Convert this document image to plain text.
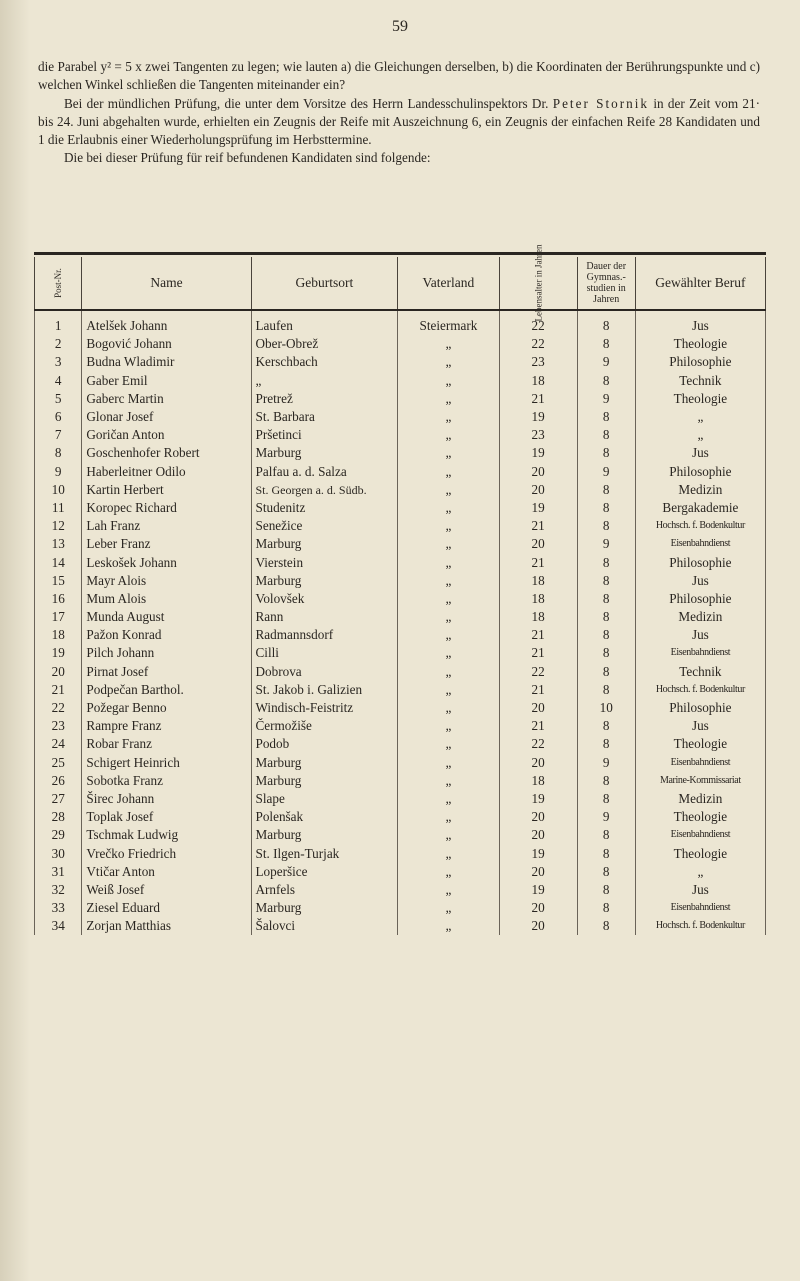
59

die Parabel y² = 5 x zwei Tangenten zu legen; wie lauten a) die Gleichungen derselben, b) die Koordinaten der Berührungspunkte und c) welchen Winkel schließen die Tangenten miteinander ein?

Bei der mündlichen Prüfung, die unter dem Vorsitze des Herrn Landesschulinspektors Dr. Peter Stornik in der Zeit vom 21· bis 24. Juni abgehalten wurde, erhielten ein Zeugnis der Reife mit Auszeichnung 6, ein Zeugnis der einfachen Reife 28 Kandidaten und 1 die Erlaubnis einer Wiederholungsprüfung im Herbsttermine.

Die bei dieser Prüfung für reif befundenen Kandidaten sind folgende:

Post-Nr.	Name	Geburtsort	Vaterland	Lebensalter in Jahren	Dauer der Gymnas.-studien in Jahren	Gewählter Beruf
1	Atelšek Johann	Laufen	Steiermark	22	8	Jus
2	Bogović Johann	Ober-Obrež	„	22	8	Theologie
3	Budna Wladimir	Kerschbach	„	23	9	Philosophie
4	Gaber Emil	„	„	18	8	Technik
5	Gaberc Martin	Pretrež	„	21	9	Theologie
6	Glonar Josef	St. Barbara	„	19	8	„
7	Goričan Anton	Pršetinci	„	23	8	„
8	Goschenhofer Robert	Marburg	„	19	8	Jus
9	Haberleitner Odilo	Palfau a. d. Salza	„	20	9	Philosophie
10	Kartin Herbert	St. Georgen a. d. Südb.	„	20	8	Medizin
11	Koropec Richard	Studenitz	„	19	8	Bergakademie
12	Lah Franz	Senežice	„	21	8	Hochsch. f. Bodenkultur
13	Leber Franz	Marburg	„	20	9	Eisenbahndienst
14	Leskošek Johann	Vierstein	„	21	8	Philosophie
15	Mayr Alois	Marburg	„	18	8	Jus
16	Mum Alois	Volovšek	„	18	8	Philosophie
17	Munda August	Rann	„	18	8	Medizin
18	Pažon Konrad	Radmannsdorf	„	21	8	Jus
19	Pilch Johann	Cilli	„	21	8	Eisenbahndienst
20	Pirnat Josef	Dobrova	„	22	8	Technik
21	Podpečan Barthol.	St. Jakob i. Galizien	„	21	8	Hochsch. f. Bodenkultur
22	Požegar Benno	Windisch-Feistritz	„	20	10	Philosophie
23	Rampre Franz	Čermožiše	„	21	8	Jus
24	Robar Franz	Podob	„	22	8	Theologie
25	Schigert Heinrich	Marburg	„	20	9	Eisenbahndienst
26	Sobotka Franz	Marburg	„	18	8	Marine-Kommissariat
27	Širec Johann	Slape	„	19	8	Medizin
28	Toplak Josef	Polenšak	„	20	9	Theologie
29	Tschmak Ludwig	Marburg	„	20	8	Eisenbahndienst
30	Vrečko Friedrich	St. Ilgen-Turjak	„	19	8	Theologie
31	Vtičar Anton	Loperšice	„	20	8	„
32	Weiß Josef	Arnfels	„	19	8	Jus
33	Ziesel Eduard	Marburg	„	20	8	Eisenbahndienst
34	Zorjan Matthias	Šalovci	„	20	8	Hochsch. f. Bodenkultur
